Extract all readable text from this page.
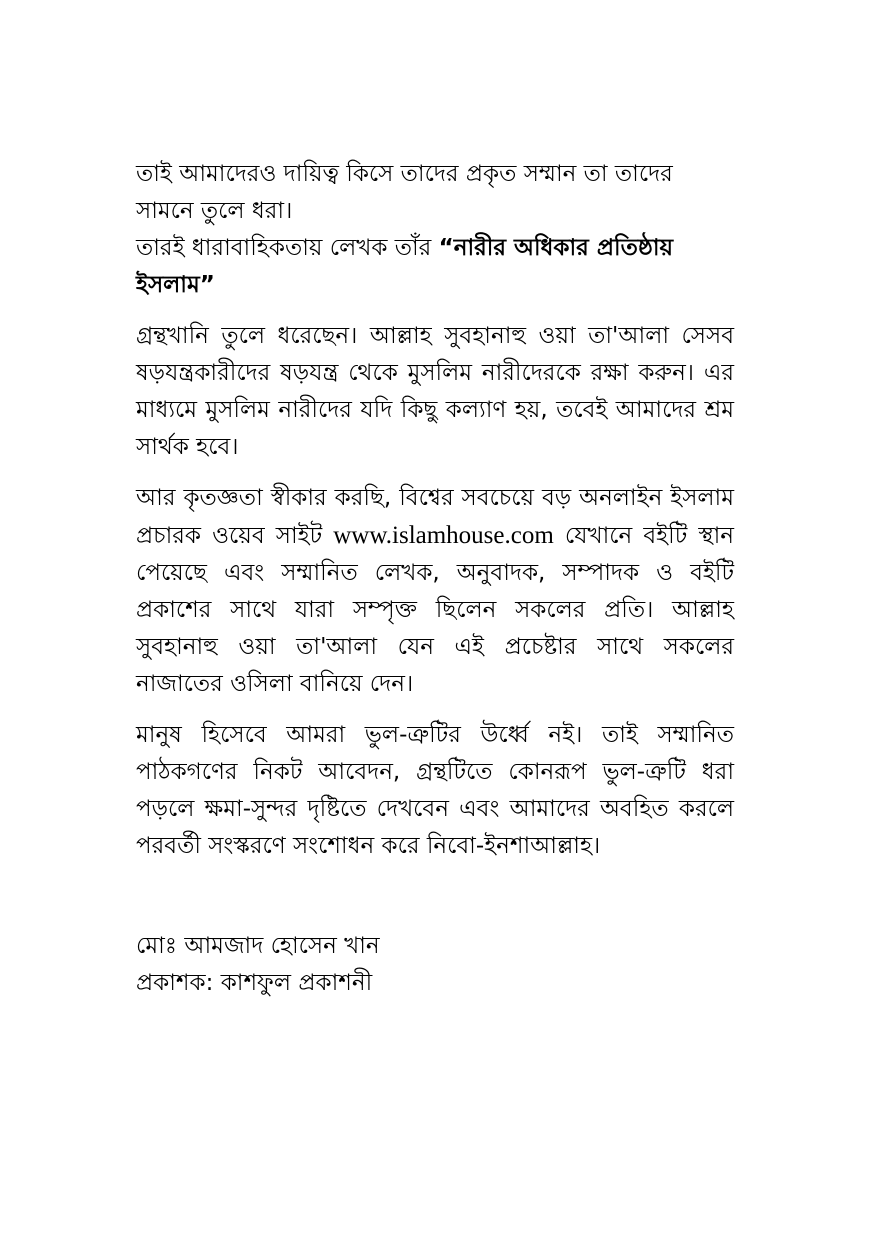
তাই আমাদেরও দায়িত্ব কিসে তাদের প্রকৃত সম্মান তা তাদের সামনে তুলে ধরা।
তারই ধারাবাহিকতায় লেখক তাঁর “নারীর অধিকার প্রতিষ্ঠায় ইসলাম”

গ্রন্থখানি তুলে ধরেছেন। আল্লাহ সুবহানাহু ওয়া তা'আলা সেসব ষড়যন্ত্রকারীদের ষড়যন্ত্র থেকে মুসলিম নারীদেরকে রক্ষা করুন। এর মাধ্যমে মুসলিম নারীদের যদি কিছু কল্যাণ হয়, তবেই আমাদের শ্রম সার্থক হবে।

আর কৃতজ্ঞতা স্বীকার করছি, বিশ্বের সবচেয়ে বড় অনলাইন ইসলাম প্রচারক ওয়েব সাইট www.islamhouse.com যেখানে বইটি স্থান পেয়েছে এবং সম্মানিত লেখক, অনুবাদক, সম্পাদক ও বইটি প্রকাশের সাথে যারা সম্পৃক্ত ছিলেন সকলের প্রতি। আল্লাহ সুবহানাহু ওয়া তা'আলা যেন এই প্রচেষ্টার সাথে সকলের নাজাতের ওসিলা বানিয়ে দেন।

মানুষ হিসেবে আমরা ভুল-ত্রুটির উর্ধ্বে নই। তাই সম্মানিত পাঠকগণের নিকট আবেদন, গ্রন্থটিতে কোনরূপ ভুল-ত্রুটি ধরা পড়লে ক্ষমা-সুন্দর দৃষ্টিতে দেখবেন এবং আমাদের অবহিত করলে পরবর্তী সংস্করণে সংশোধন করে নিবো-ইনশাআল্লাহ।

মোঃ আমজাদ হোসেন খান
প্রকাশক: কাশফুল প্রকাশনী
